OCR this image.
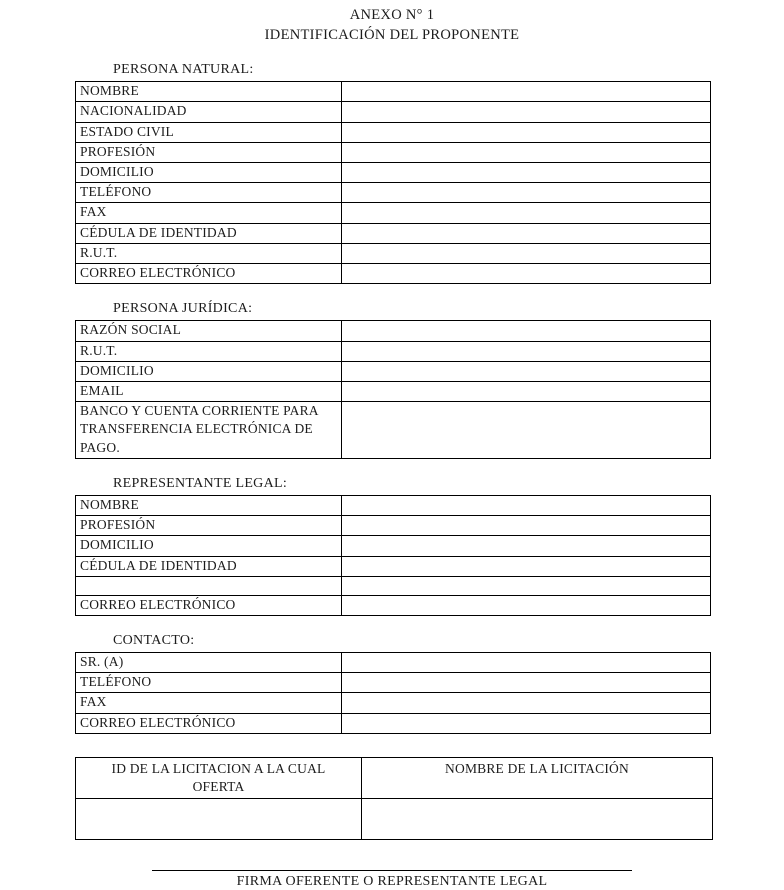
ANEXO N° 1
IDENTIFICACIÓN DEL PROPONENTE
PERSONA NATURAL:
NOMBRE	
NACIONALIDAD	
ESTADO CIVIL	
PROFESIÓN	
DOMICILIO	
TELÉFONO	
FAX	
CÉDULA DE IDENTIDAD	
R.U.T.	
CORREO ELECTRÓNICO	
PERSONA JURÍDICA:
RAZÓN SOCIAL	
R.U.T.	
DOMICILIO	
EMAIL	
BANCO Y CUENTA CORRIENTE PARA TRANSFERENCIA ELECTRÓNICA DE PAGO.	
REPRESENTANTE LEGAL:
NOMBRE	
PROFESIÓN	
DOMICILIO	
CÉDULA DE IDENTIDAD	

CORREO ELECTRÓNICO	
CONTACTO:
SR. (A)	
TELÉFONO	
FAX	
CORREO ELECTRÓNICO	
ID DE LA LICITACION A LA CUAL OFERTA	NOMBRE DE LA LICITACIÓN

FIRMA OFERENTE O REPRESENTANTE LEGAL
